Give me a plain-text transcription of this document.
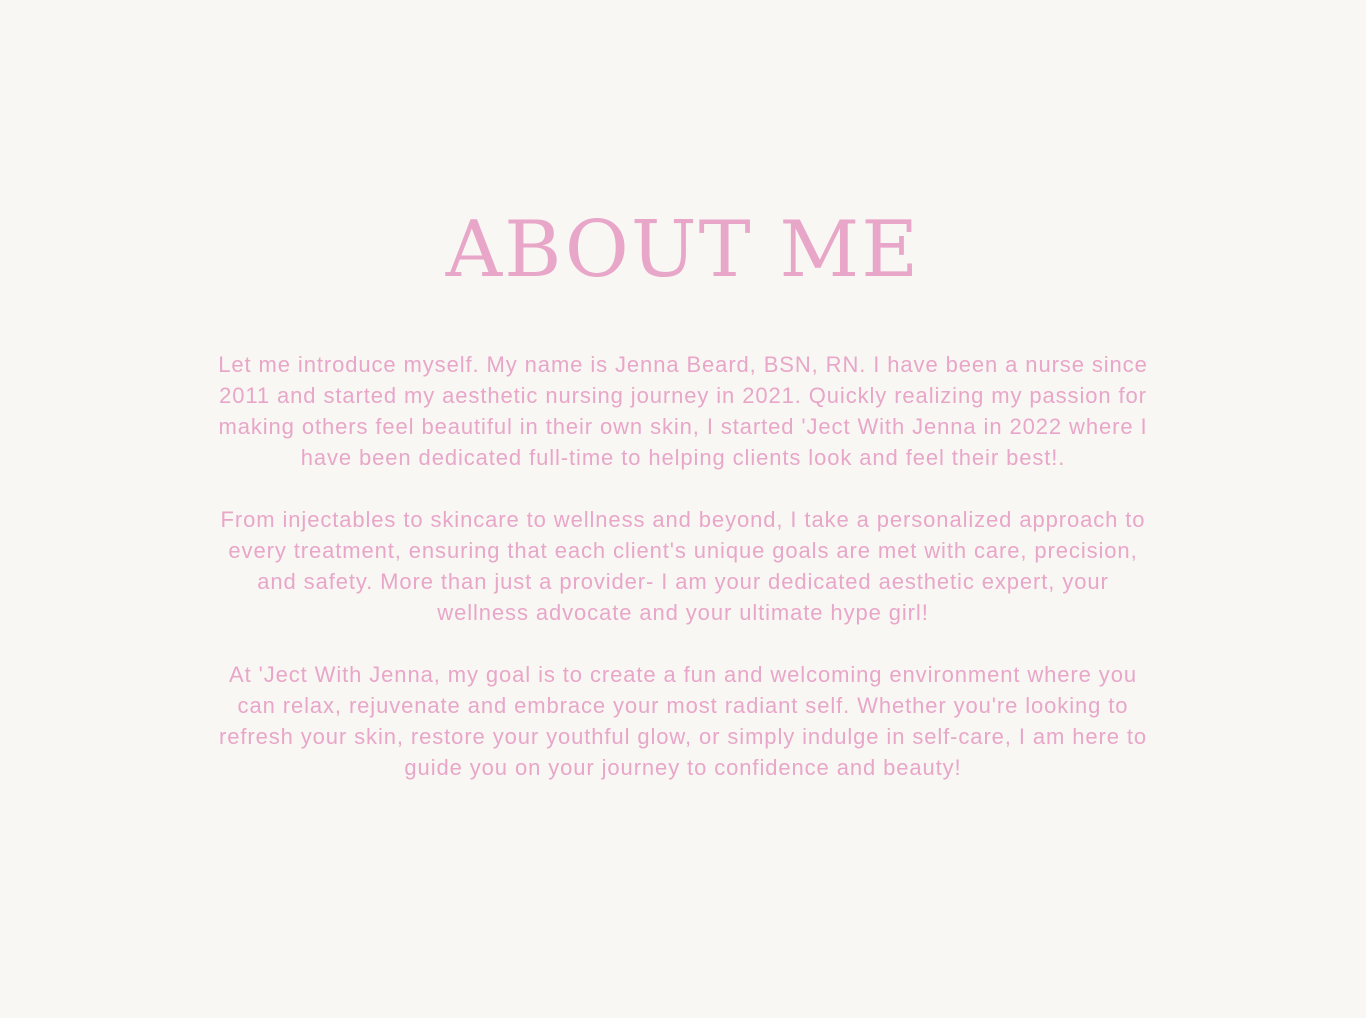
ABOUT ME

Let me introduce myself. My name is Jenna Beard, BSN, RN. I have been a nurse since 2011 and started my aesthetic nursing journey in 2021. Quickly realizing my passion for making others feel beautiful in their own skin, I started 'Ject With Jenna in 2022 where I have been dedicated full-time to helping clients look and feel their best!.

From injectables to skincare to wellness and beyond, I take a personalized approach to every treatment, ensuring that each client's unique goals are met with care, precision, and safety. More than just a provider- I am your dedicated aesthetic expert, your wellness advocate and your ultimate hype girl!

At 'Ject With Jenna, my goal is to create a fun and welcoming environment where you can relax, rejuvenate and embrace your most radiant self. Whether you're looking to refresh your skin, restore your youthful glow, or simply indulge in self-care, I am here to guide you on your journey to confidence and beauty!
